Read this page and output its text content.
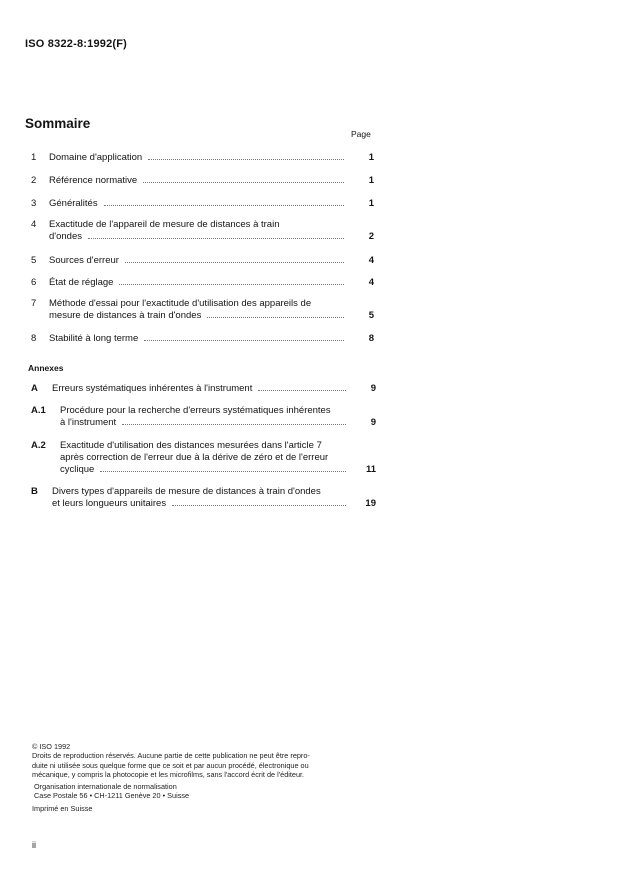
ISO 8322-8:1992(F)
Sommaire
Page
1 Domaine d'application	1
2 Référence normative	1
3 Généralités	1
4 Exactitude de l'appareil de mesure de distances à train
d'ondes	2
5 Sources d'erreur	4
6 État de réglage	4
7 Méthode d'essai pour l'exactitude d'utilisation des appareils de
mesure de distances à train d'ondes	5
8 Stabilité à long terme	8
A Erreurs systématiques inhérentes à l'instrument	9
A.1 Procédure pour la recherche d'erreurs systématiques inhérentes
à l'instrument	9
A.2 Exactitude d'utilisation des distances mesurées dans l'article 7
après correction de l'erreur due à la dérive de zéro et de l'erreur
cyclique	11
B Divers types d'appareils de mesure de distances à train d'ondes
et leurs longueurs unitaires	19
Annexes

© ISO 1992

Droits de reproduction réservés. Aucune partie de cette publication ne peut être repro-

duite ni utilisée sous quelque forme que ce soit et par aucun procédé, électronique ou

mécanique, y compris la photocopie et les microfilms, sans l'accord écrit de l'éditeur.

Organisation internationale de normalisation

Case Postale 56 • CH-1211 Genève 20 • Suisse

Imprimé en Suisse

ii
